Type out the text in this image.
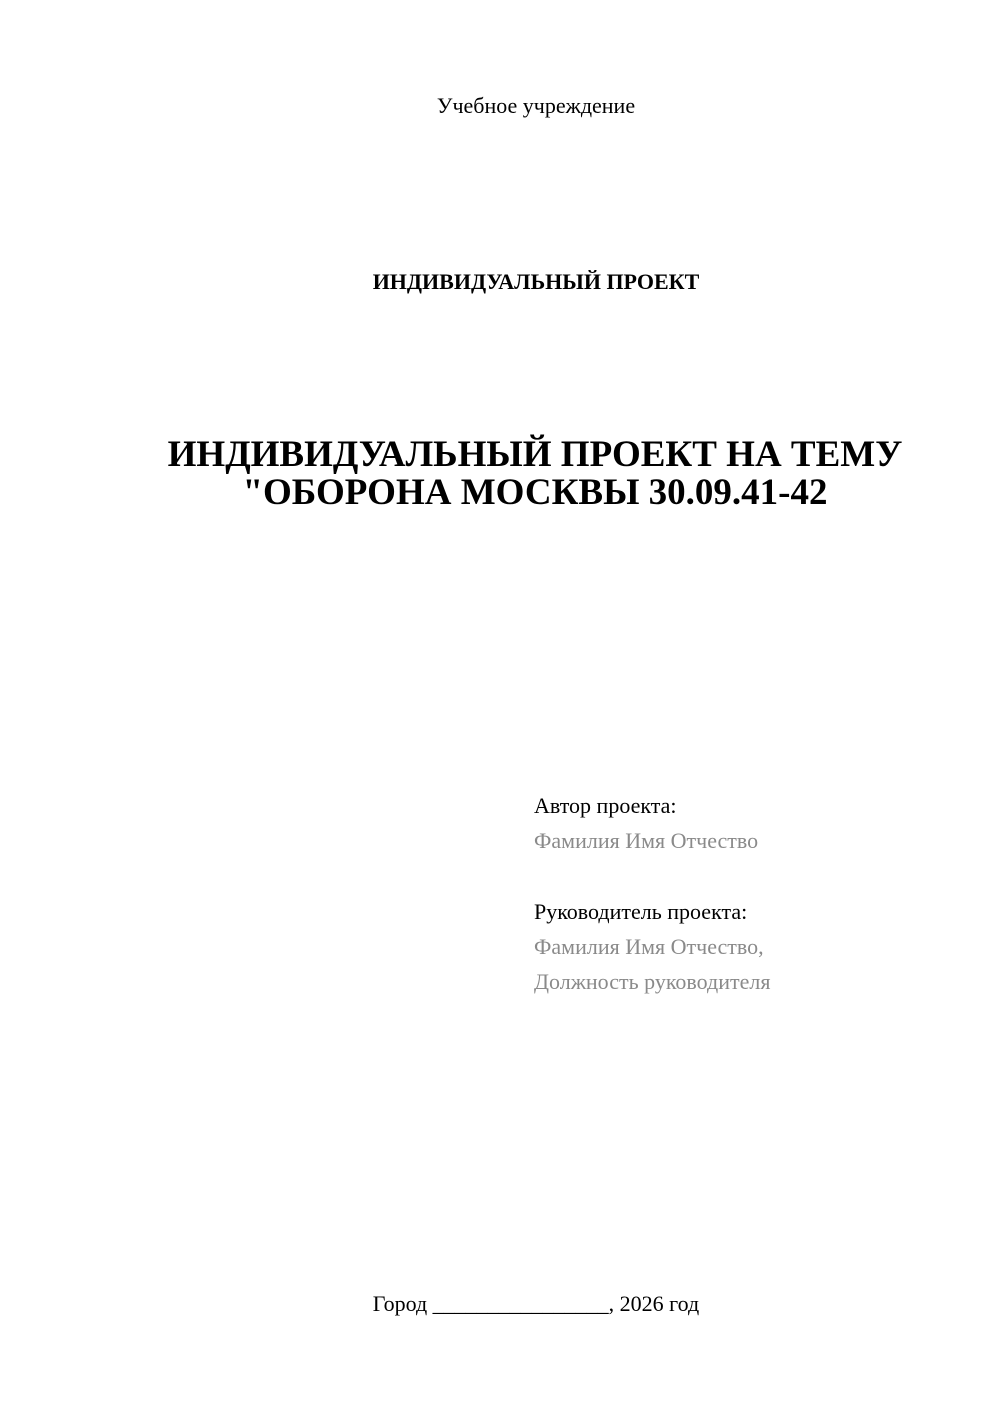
Учебное учреждение
ИНДИВИДУАЛЬНЫЙ ПРОЕКТ
ИНДИВИДУАЛЬНЫЙ ПРОЕКТ НА ТЕМУ
"ОБОРОНА МОСКВЫ 30.09.41-42
Автор проекта:
Фамилия Имя Отчество
Руководитель проекта:
Фамилия Имя Отчество,
Должность руководителя
Город ________________, 2026 год
